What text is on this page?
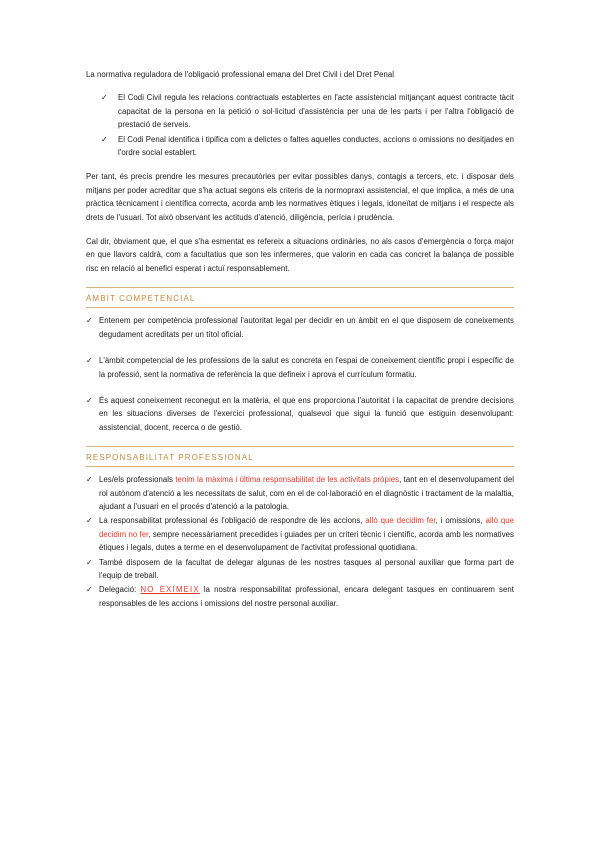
La normativa reguladora de l'obligació professional emana del Dret Civil i del Dret Penal

✓	El Codi Civil regula les relacions contractuals establertes en l'acte assistencial mitjançant aquest contracte tàcit capacitat de la persona en la petició o sol·licitud d'assistència per una de les parts i per l'altra l'obligació de prestació de serveis.
✓	El Codi Penal identifica i tipifica com a delictes o faltes aquelles conductes, accions o omissions no desitjades en l'ordre social establert.

Per tant, és precís prendre les mesures precautòries per evitar possibles danys, contagis a tercers, etc. i disposar dels mitjans per poder acreditar que s'ha actuat segons els criteris de la normopraxi assistencial, el que implica, a més de una pràctica tècnicament i científica correcta, acorda amb les normatives ètiques i legals, idoneïtat de mitjans i el respecte als drets de l'usuari. Tot això observant les actituds d'atenció, diligència, perícia i prudència.

Cal dir, òbviament que, el que s'ha esmentat es refereix a situacions ordinàries, no als casos d'emergència o força major en que llavors caldrà, com a facultatius que son les infermeres, que valorin en cada cas concret la balança de possible risc en relació al benefici esperat i actuï responsablement.

ÀMBIT COMPETENCIAL
✓ Entenem per competència professional l'autoritat legal per decidir en un àmbit en el que disposem de coneixements degudament acreditats per un títol oficial.
✓ L'àmbit competencial de les professions de la salut es concreta en l'espai de coneixement científic propi i específic de la professió, sent la normativa de referència la que defineix i aprova el currículum formatiu.
✓ És aquest coneixement reconegut en la matèria, el que ens proporciona l'autoritat i la capacitat de prendre decisions en les situacions diverses de l'exercici professional, qualsevol que sigui la funció que estiguin desenvolupant: assistencial, docent, recerca o de gestió.
RESPONSABILITAT PROFESSIONAL
✓ Les/els professionals tenim la màxima i última responsabilitat de les activitats pròpies, tant en el desenvolupament del rol autònom d'atenció a les necessitats de salut, com en el de col·laboració en el diagnòstic i tractament de la malaltia, ajudant a l'usuari en el procés d'atenció a la patologia.
✓ La responsabilitat professional és l'obligació de respondre de les accions, allò que decidim fer, i omissions, allò que decidim no fer, sempre necessàriament precedides i guiades per un criteri tècnic i científic, acorda amb les normatives ètiques i legals, dutes a terme en el desenvolupament de l'activitat professional quotidiana.
✓ També disposem de la facultat de delegar algunas de les nostres tasques al personal auxiliar que forma part de l'equip de treball.
✓ Delegació: NO EXIMEIX la nostra responsabilitat professional, encara delegant tasques en continuarem sent responsables de les accions i omissions del nostre personal auxiliar.
